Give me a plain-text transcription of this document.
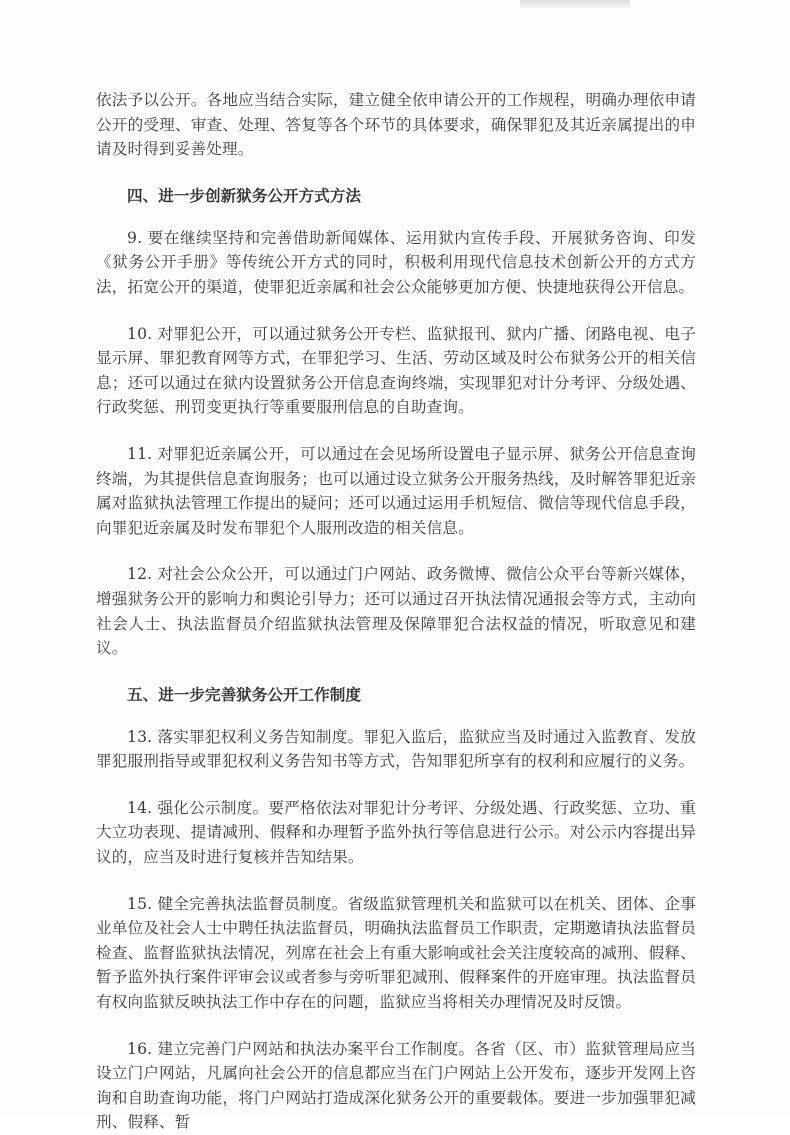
依法予以公开。各地应当结合实际，建立健全依申请公开的工作规程，明确办理依申请公开的受理、审查、处理、答复等各个环节的具体要求，确保罪犯及其近亲属提出的申请及时得到妥善处理。

四、进一步创新狱务公开方式方法

9. 要在继续坚持和完善借助新闻媒体、运用狱内宣传手段、开展狱务咨询、印发《狱务公开手册》等传统公开方式的同时，积极利用现代信息技术创新公开的方式方法，拓宽公开的渠道，使罪犯近亲属和社会公众能够更加方便、快捷地获得公开信息。

10. 对罪犯公开，可以通过狱务公开专栏、监狱报刊、狱内广播、闭路电视、电子显示屏、罪犯教育网等方式，在罪犯学习、生活、劳动区域及时公布狱务公开的相关信息；还可以通过在狱内设置狱务公开信息查询终端，实现罪犯对计分考评、分级处遇、行政奖惩、刑罚变更执行等重要服刑信息的自助查询。

11. 对罪犯近亲属公开，可以通过在会见场所设置电子显示屏、狱务公开信息查询终端，为其提供信息查询服务；也可以通过设立狱务公开服务热线，及时解答罪犯近亲属对监狱执法管理工作提出的疑问；还可以通过运用手机短信、微信等现代信息手段，向罪犯近亲属及时发布罪犯个人服刑改造的相关信息。

12. 对社会公众公开，可以通过门户网站、政务微博、微信公众平台等新兴媒体，增强狱务公开的影响力和舆论引导力；还可以通过召开执法情况通报会等方式，主动向社会人士、执法监督员介绍监狱执法管理及保障罪犯合法权益的情况，听取意见和建议。

五、进一步完善狱务公开工作制度

13. 落实罪犯权利义务告知制度。罪犯入监后，监狱应当及时通过入监教育、发放罪犯服刑指导或罪犯权利义务告知书等方式，告知罪犯所享有的权利和应履行的义务。

14. 强化公示制度。要严格依法对罪犯计分考评、分级处遇、行政奖惩、立功、重大立功表现、提请减刑、假释和办理暂予监外执行等信息进行公示。对公示内容提出异议的，应当及时进行复核并告知结果。

15. 健全完善执法监督员制度。省级监狱管理机关和监狱可以在机关、团体、企事业单位及社会人士中聘任执法监督员，明确执法监督员工作职责，定期邀请执法监督员检查、监督监狱执法情况，列席在社会上有重大影响或社会关注度较高的减刑、假释、暂予监外执行案件评审会议或者参与旁听罪犯减刑、假释案件的开庭审理。执法监督员有权向监狱反映执法工作中存在的问题，监狱应当将相关办理情况及时反馈。

16. 建立完善门户网站和执法办案平台工作制度。各省（区、市）监狱管理局应当设立门户网站，凡属向社会公开的信息都应当在门户网站上公开发布，逐步开发网上咨询和自助查询功能，将门户网站打造成深化狱务公开的重要载体。要进一步加强罪犯减刑、假释、暂
